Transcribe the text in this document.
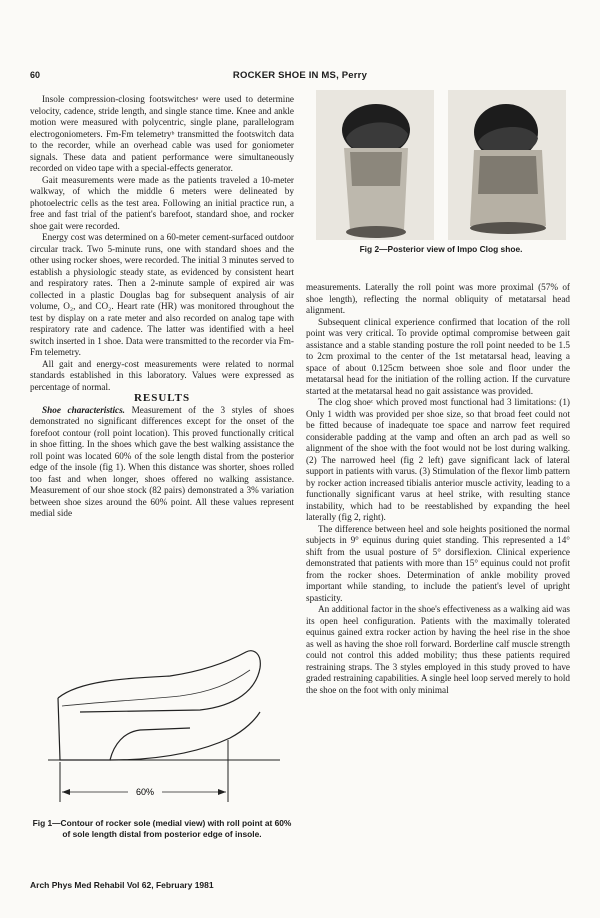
60	ROCKER SHOE IN MS, Perry

Insole compression-closing footswitchesᵃ were used to determine velocity, cadence, stride length, and single stance time. Knee and ankle motion were measured with polycentric, single plane, parallelogram electrogoniometers. Fm-Fm telemetryᵇ transmitted the footswitch data to the recorder, while an overhead cable was used for goniometer signals. These data and patient performance were simultaneously recorded on video tape with a special-effects generator.

Gait measurements were made as the patients traveled a 10-meter walkway, of which the middle 6 meters were delineated by photoelectric cells as the test area. Following an initial practice run, a free and fast trial of the patient's barefoot, standard shoe, and rocker shoe gait were recorded.

Energy cost was determined on a 60-meter cement-surfaced outdoor circular track. Two 5-minute runs, one with standard shoes and the other using rocker shoes, were recorded. The initial 3 minutes served to establish a physiologic steady state, as evidenced by consistent heart and respiratory rates. Then a 2-minute sample of expired air was collected in a plastic Douglas bag for subsequent analysis of air volume, O₂, and CO₂. Heart rate (HR) was monitored throughout the test by display on a rate meter and also recorded on analog tape with respiratory rate and cadence. The latter was identified with a heel switch inserted in 1 shoe. Data were transmitted to the recorder via Fm-Fm telemetry.

All gait and energy-cost measurements were related to normal standards established in this laboratory. Values were expressed as percentage of normal.

RESULTS

Shoe characteristics. Measurement of the 3 styles of shoes demonstrated no significant differences except for the onset of the forefoot contour (roll point location). This proved functionally critical in shoe fitting. In the shoes which gave the best walking assistance the roll point was located 60% of the sole length distal from the posterior edge of the insole (fig 1). When this distance was shorter, shoes rolled too fast and when longer, shoes offered no walking assistance. Measurement of our shoe stock (82 pairs) demonstrated a 3% variation between shoe sizes around the 60% point. All these values represent medial side

60%
Fig 1—Contour of rocker sole (medial view) with roll point at 60% of sole length distal from posterior edge of insole.
Fig 2—Posterior view of Impo Clog shoe.

measurements. Laterally the roll point was more proximal (57% of shoe length), reflecting the normal obliquity of metatarsal head alignment.

Subsequent clinical experience confirmed that location of the roll point was very critical. To provide optimal compromise between gait assistance and a stable standing posture the roll point needed to be 1.5 to 2cm proximal to the center of the 1st metatarsal head, leaving a space of about 0.125cm between shoe sole and floor under the metatarsal head for the initiation of the rolling action. If the curvature started at the metatarsal head no gait assistance was provided.

The clog shoeᶜ which proved most functional had 3 limitations: (1) Only 1 width was provided per shoe size, so that broad feet could not be fitted because of inadequate toe space and narrow feet required considerable padding at the vamp and often an arch pad as well so alignment of the shoe with the foot would not be lost during walking. (2) The narrowed heel (fig 2 left) gave significant lack of lateral support in patients with varus. (3) Stimulation of the flexor limb pattern by rocker action increased tibialis anterior muscle activity, leading to a functionally significant varus at heel strike, with resulting stance instability, which had to be reestablished by expanding the heel laterally (fig 2, right).

The difference between heel and sole heights positioned the normal subjects in 9° equinus during quiet standing. This represented a 14° shift from the usual posture of 5° dorsiflexion. Clinical experience demonstrated that patients with more than 15° equinus could not profit from the rocker shoes. Determination of ankle mobility proved important while standing, to include the patient's level of upright spasticity.

An additional factor in the shoe's effectiveness as a walking aid was its open heel configuration. Patients with the maximally tolerated equinus gained extra rocker action by having the heel rise in the shoe as well as having the shoe roll forward. Borderline calf muscle strength could not control this added mobility; thus these patients required restraining straps. The 3 styles employed in this study proved to have graded restraining capabilities. A single heel loop served merely to hold the shoe on the foot with only minimal

Arch Phys Med Rehabil Vol 62, February 1981
